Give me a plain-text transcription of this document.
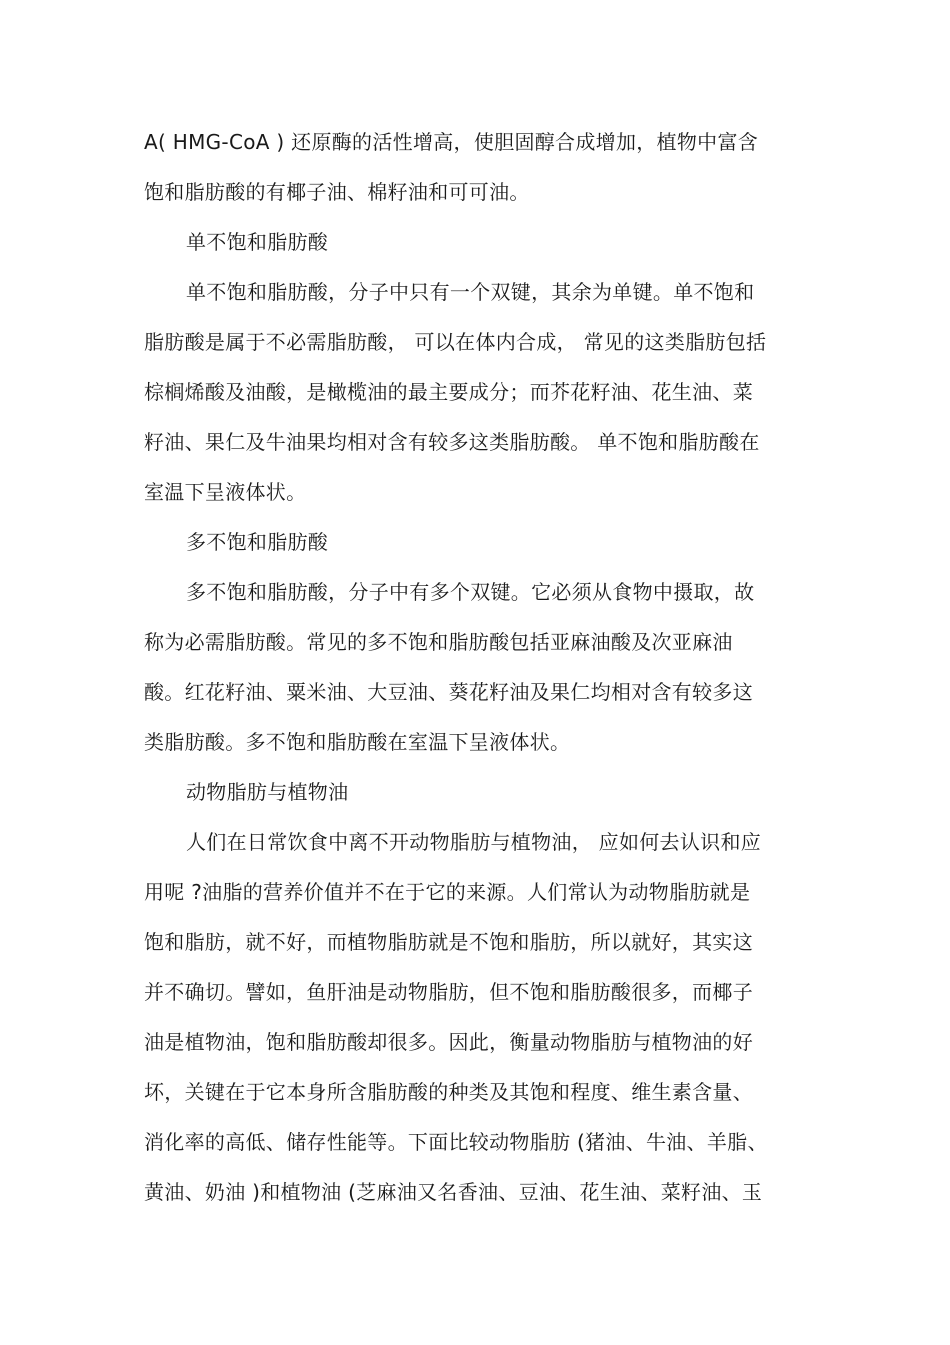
A( HMG-CoA ) 还原酶的活性增高，使胆固醇合成增加，植物中富含
饱和脂肪酸的有椰子油、棉籽油和可可油。
单不饱和脂肪酸
单不饱和脂肪酸，分子中只有一个双键，其余为单键。单不饱和
脂肪酸是属于不必需脂肪酸， 可以在体内合成， 常见的这类脂肪包括
棕榈烯酸及油酸，是橄榄油的最主要成分；而芥花籽油、花生油、菜
籽油、果仁及牛油果均相对含有较多这类脂肪酸。 单不饱和脂肪酸在
室温下呈液体状。
多不饱和脂肪酸
多不饱和脂肪酸，分子中有多个双键。它必须从食物中摄取，故
称为必需脂肪酸。常见的多不饱和脂肪酸包括亚麻油酸及次亚麻油
酸。红花籽油、粟米油、大豆油、葵花籽油及果仁均相对含有较多这
类脂肪酸。多不饱和脂肪酸在室温下呈液体状。
动物脂肪与植物油
人们在日常饮食中离不开动物脂肪与植物油， 应如何去认识和应
用呢 ?油脂的营养价值并不在于它的来源。人们常认为动物脂肪就是
饱和脂肪，就不好，而植物脂肪就是不饱和脂肪，所以就好，其实这
并不确切。譬如，鱼肝油是动物脂肪，但不饱和脂肪酸很多，而椰子
油是植物油，饱和脂肪酸却很多。因此，衡量动物脂肪与植物油的好
坏，关键在于它本身所含脂肪酸的种类及其饱和程度、维生素含量、
消化率的高低、储存性能等。下面比较动物脂肪 (猪油、牛油、羊脂、
黄油、奶油 )和植物油 (芝麻油又名香油、豆油、花生油、菜籽油、玉
